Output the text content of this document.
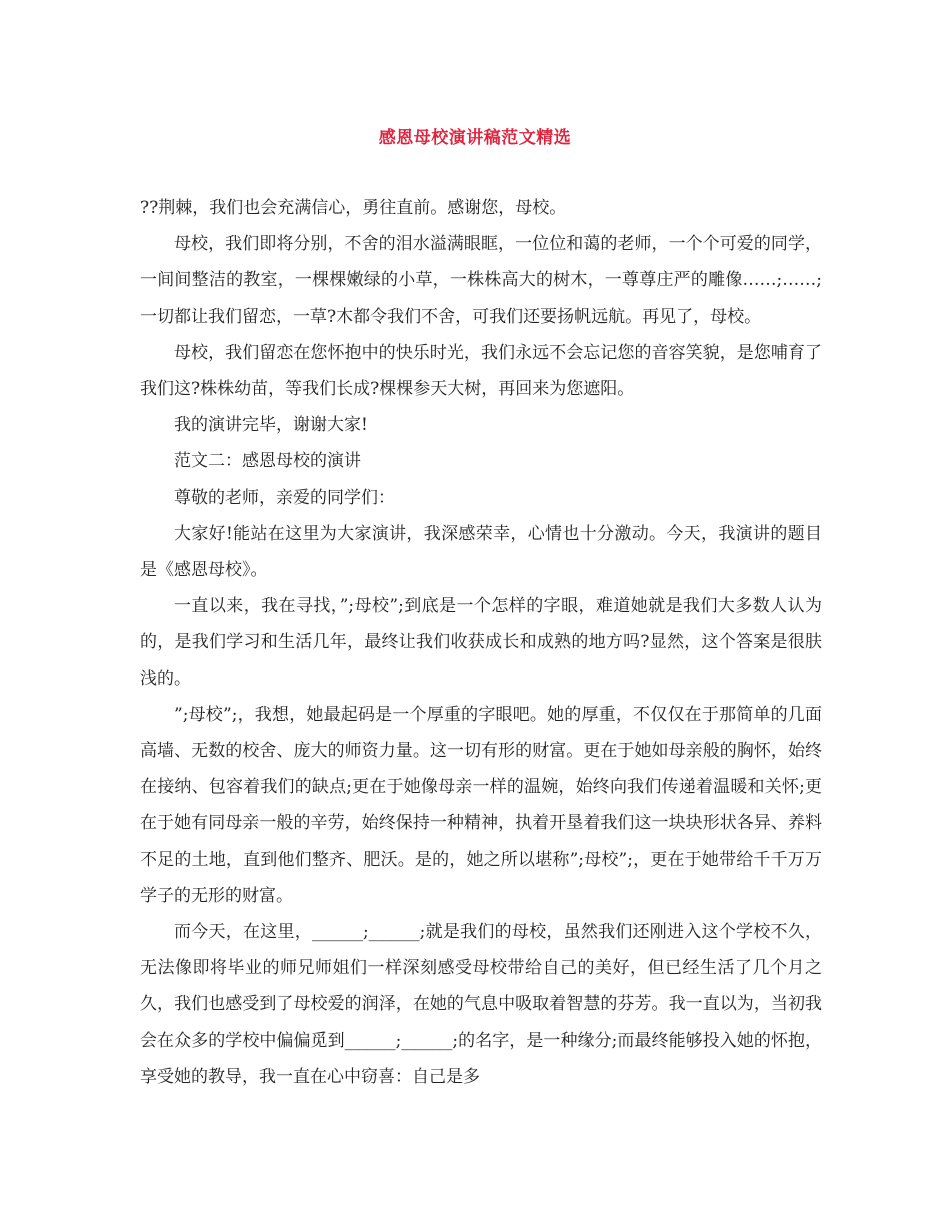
感恩母校演讲稿范文精选

??荆棘，我们也会充满信心，勇往直前。感谢您，母校。

母校，我们即将分别，不舍的泪水溢满眼眶，一位位和蔼的老师，一个个可爱的同学，一间间整洁的教室，一棵棵嫩绿的小草，一株株高大的树木，一尊尊庄严的雕像……;……;一切都让我们留恋，一草?木都令我们不舍，可我们还要扬帆远航。再见了，母校。

母校，我们留恋在您怀抱中的快乐时光，我们永远不会忘记您的音容笑貌，是您哺育了我们这?株株幼苗，等我们长成?棵棵参天大树，再回来为您遮阳。

我的演讲完毕，谢谢大家!

范文二：感恩母校的演讲

尊敬的老师，亲爱的同学们：

大家好!能站在这里为大家演讲，我深感荣幸，心情也十分激动。今天，我演讲的题目是《感恩母校》。

一直以来，我在寻找，”;母校”;到底是一个怎样的字眼，难道她就是我们大多数人认为的，是我们学习和生活几年，最终让我们收获成长和成熟的地方吗?显然，这个答案是很肤浅的。

”;母校”;，我想，她最起码是一个厚重的字眼吧。她的厚重，不仅仅在于那简单的几面高墙、无数的校舍、庞大的师资力量。这一切有形的财富。更在于她如母亲般的胸怀，始终在接纳、包容着我们的缺点;更在于她像母亲一样的温婉，始终向我们传递着温暖和关怀;更在于她有同母亲一般的辛劳，始终保持一种精神，执着开垦着我们这一块块形状各异、养料不足的土地，直到他们整齐、肥沃。是的，她之所以堪称”;母校”;，更在于她带给千千万万学子的无形的财富。

而今天，在这里，______;______;就是我们的母校，虽然我们还刚进入这个学校不久，无法像即将毕业的师兄师姐们一样深刻感受母校带给自己的美好，但已经生活了几个月之久，我们也感受到了母校爱的润泽，在她的气息中吸取着智慧的芬芳。我一直以为，当初我会在众多的学校中偏偏觅到______;______;的名字，是一种缘分;而最终能够投入她的怀抱，享受她的教导，我一直在心中窃喜：自己是多
